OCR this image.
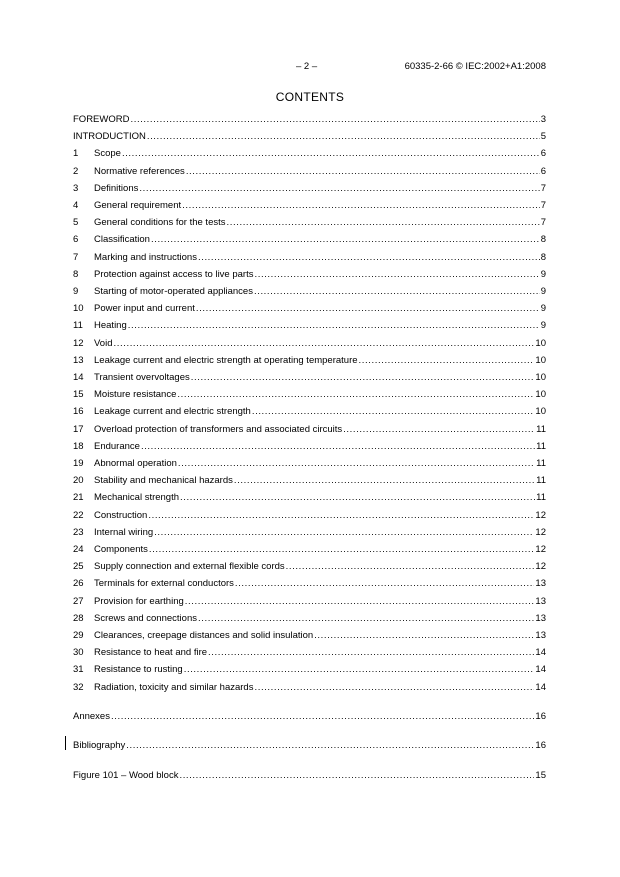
– 2 –	60335-2-66 © IEC:2002+A1:2008
CONTENTS
FOREWORD .....	3
INTRODUCTION .....	5
1	Scope .....	6
2	Normative references .....	6
3	Definitions .....	7
4	General requirement .....	7
5	General conditions for the tests .....	7
6	Classification .....	8
7	Marking and instructions .....	8
8	Protection against access to live parts .....	9
9	Starting of motor-operated appliances .....	9
10	Power input and current .....	9
11	Heating .....	9
12	Void .....	10
13	Leakage current and electric strength at operating temperature .....	10
14	Transient overvoltages .....	10
15	Moisture resistance .....	10
16	Leakage current and electric strength .....	10
17	Overload protection of transformers and associated circuits .....	11
18	Endurance .....	11
19	Abnormal operation .....	11
20	Stability and mechanical hazards .....	11
21	Mechanical strength .....	11
22	Construction .....	12
23	Internal wiring .....	12
24	Components .....	12
25	Supply connection and external flexible cords .....	12
26	Terminals for external conductors .....	13
27	Provision for earthing .....	13
28	Screws and connections .....	13
29	Clearances, creepage distances and solid insulation .....	13
30	Resistance to heat and fire .....	14
31	Resistance to rusting .....	14
32	Radiation, toxicity and similar hazards .....	14
Annexes .....	16
Bibliography .....	16
Figure 101 – Wood block .....	15
